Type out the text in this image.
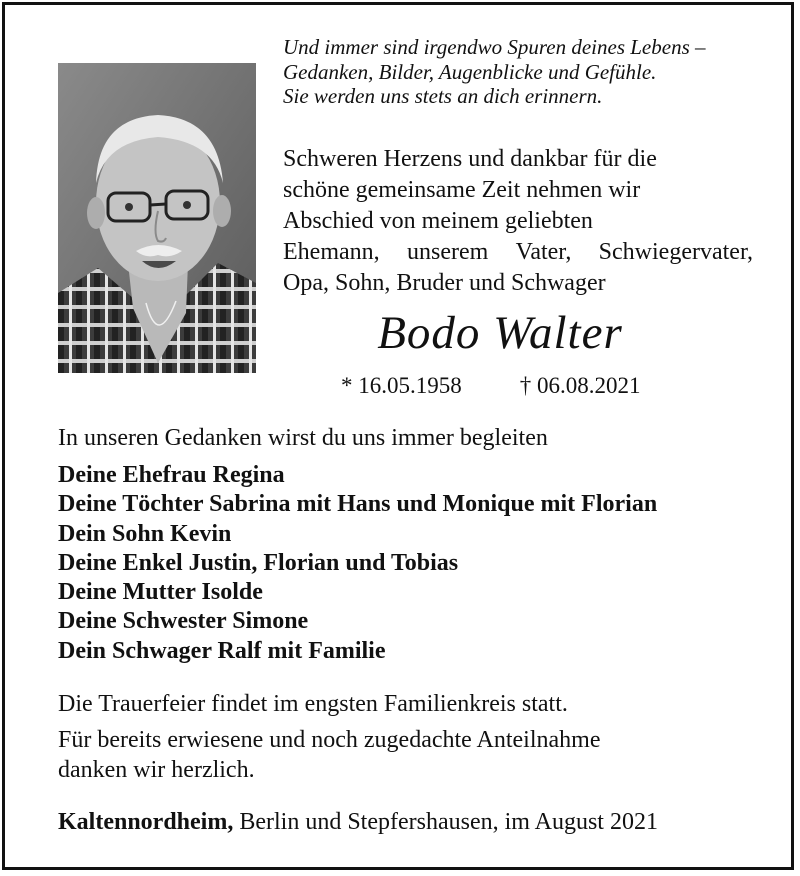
Und immer sind irgendwo Spuren deines Lebens –
Gedanken, Bilder, Augenblicke und Gefühle.
Sie werden uns stets an dich erinnern.
Schweren Herzens und dankbar für die
schöne gemeinsame Zeit nehmen wir
Abschied von meinem geliebten
Ehemann, unserem Vater, Schwiegervater,
Opa, Sohn, Bruder und Schwager
Bodo Walter
* 16.05.1958	† 06.08.2021
In unseren Gedanken wirst du uns immer begleiten
Deine Ehefrau Regina
Deine Töchter Sabrina mit Hans und Monique mit Florian
Dein Sohn Kevin
Deine Enkel Justin, Florian und Tobias
Deine Mutter Isolde
Deine Schwester Simone
Dein Schwager Ralf mit Familie
Die Trauerfeier findet im engsten Familienkreis statt.
Für bereits erwiesene und noch zugedachte Anteilnahme
danken wir herzlich.
Kaltennordheim, Berlin und Stepfershausen, im August 2021
